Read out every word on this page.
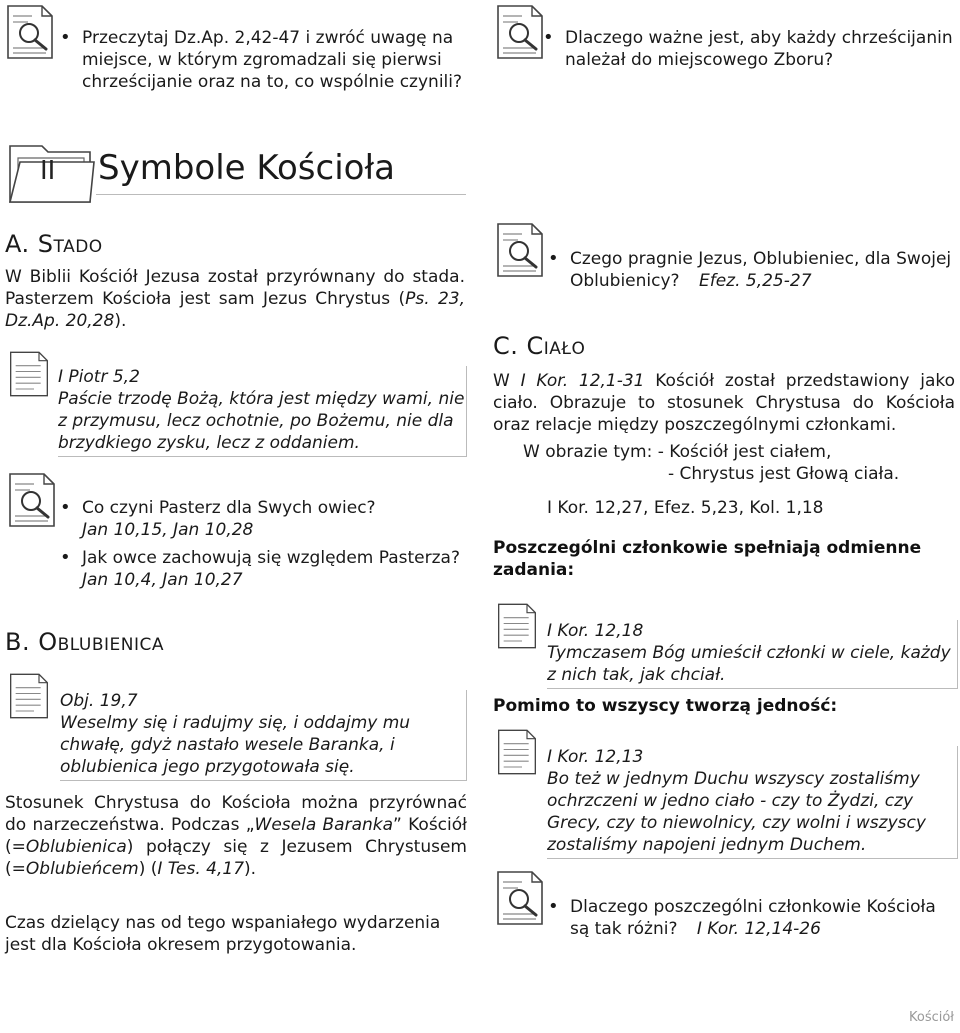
• Przeczytaj Dz.Ap. 2,42-47 i zwróć uwagę na miejsce, w którym zgromadzali się pierwsi chrześcijanie oraz na to, co wspólnie czynili?
• Dlaczego ważne jest, aby każdy chrześcijanin należał do miejscowego Zboru?
II Symbole Kościoła
A. Stado
W Biblii Kościół Jezusa został przyrównany do stada. Pasterzem Kościoła jest sam Jezus Chrystus (Ps. 23, Dz.Ap. 20,28).
I Piotr 5,2
Paście trzodę Bożą, która jest między wami, nie z przymusu, lecz ochotnie, po Bożemu, nie dla brzydkiego zysku, lecz z oddaniem.
• Co czyni Pasterz dla Swych owiec?
Jan 10,15, Jan 10,28
• Jak owce zachowują się względem Pasterza?
Jan 10,4, Jan 10,27
B. Oblubienica
Obj. 19,7
Weselmy się i radujmy się, i oddajmy mu chwałę, gdyż nastało wesele Baranka, i oblubienica jego przygotowała się.
Stosunek Chrystusa do Kościoła można przyrównać do narzeczeństwa. Podczas „Wesela Baranka” Kościół (=Oblubienica) połączy się z Jezusem Chrystusem (=Oblubieńcem) (I Tes. 4,17).
Czas dzielący nas od tego wspaniałego wydarzenia jest dla Kościoła okresem przygotowania.
• Czego pragnie Jezus, Oblubieniec, dla Swojej Oblubienicy? Efez. 5,25-27
C. Ciało
W I Kor. 12,1-31 Kościół został przedstawiony jako ciało. Obrazuje to stosunek Chrystusa do Kościoła oraz relacje między poszczególnymi członkami.
W obrazie tym: - Kościół jest ciałem,
- Chrystus jest Głową ciała.
I Kor. 12,27, Efez. 5,23, Kol. 1,18
Poszczególni członkowie spełniają odmienne zadania:
I Kor. 12,18
Tymczasem Bóg umieścił członki w ciele, każdy z nich tak, jak chciał.
Pomimo to wszyscy tworzą jedność:
I Kor. 12,13
Bo też w jednym Duchu wszyscy zostaliśmy ochrzczeni w jedno ciało - czy to Żydzi, czy Grecy, czy to niewolnicy, czy wolni i wszyscy zostaliśmy napojeni jednym Duchem.
• Dlaczego poszczególni członkowie Kościoła są tak różni? I Kor. 12,14-26
Kościół
